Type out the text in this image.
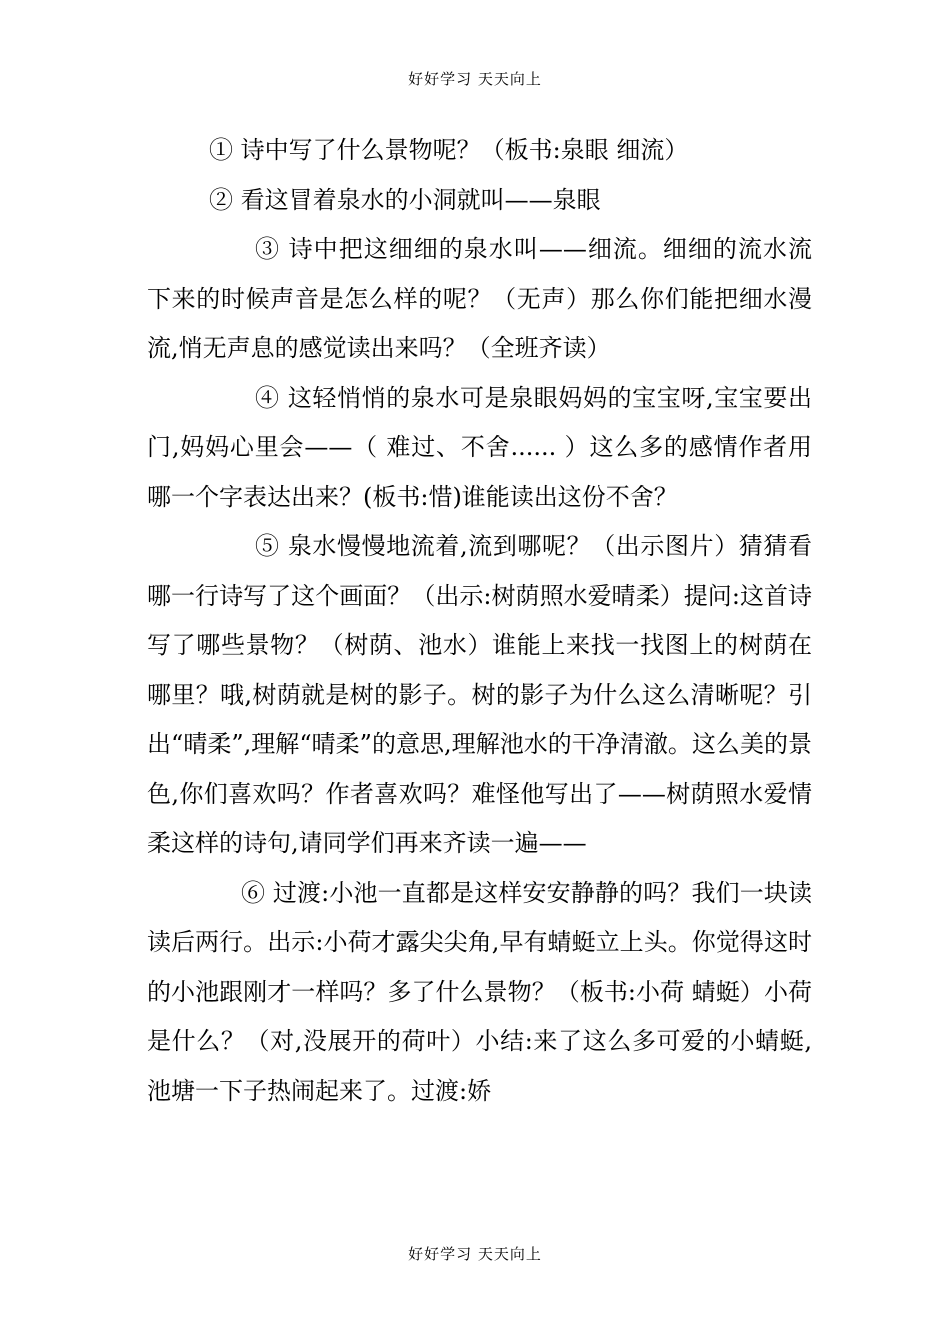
好好学习 天天向上

① 诗中写了什么景物呢？（板书:泉眼 细流）

② 看这冒着泉水的小洞就叫——泉眼

③ 诗中把这细细的泉水叫——细流。细细的流水流下来的时候声音是怎么样的呢？（无声）那么你们能把细水漫流,悄无声息的感觉读出来吗？（全班齐读）

④ 这轻悄悄的泉水可是泉眼妈妈的宝宝呀,宝宝要出门,妈妈心里会——（ 难过、不舍...... ）这么多的感情作者用哪一个字表达出来？(板书:惜)谁能读出这份不舍？

⑤ 泉水慢慢地流着,流到哪呢？（出示图片）猜猜看哪一行诗写了这个画面？（出示:树荫照水爱晴柔）提问:这首诗写了哪些景物？（树荫、池水）谁能上来找一找图上的树荫在哪里？哦,树荫就是树的影子。树的影子为什么这么清晰呢？引出“晴柔”,理解“晴柔”的意思,理解池水的干净清澈。这么美的景色,你们喜欢吗？作者喜欢吗？难怪他写出了——树荫照水爱情柔这样的诗句,请同学们再来齐读一遍——

⑥ 过渡:小池一直都是这样安安静静的吗？我们一块读读后两行。出示:小荷才露尖尖角,早有蜻蜓立上头。你觉得这时的小池跟刚才一样吗？多了什么景物？（板书:小荷 蜻蜓）小荷是什么？（对,没展开的荷叶）小结:来了这么多可爱的小蜻蜓,池塘一下子热闹起来了。过渡:娇

好好学习 天天向上
